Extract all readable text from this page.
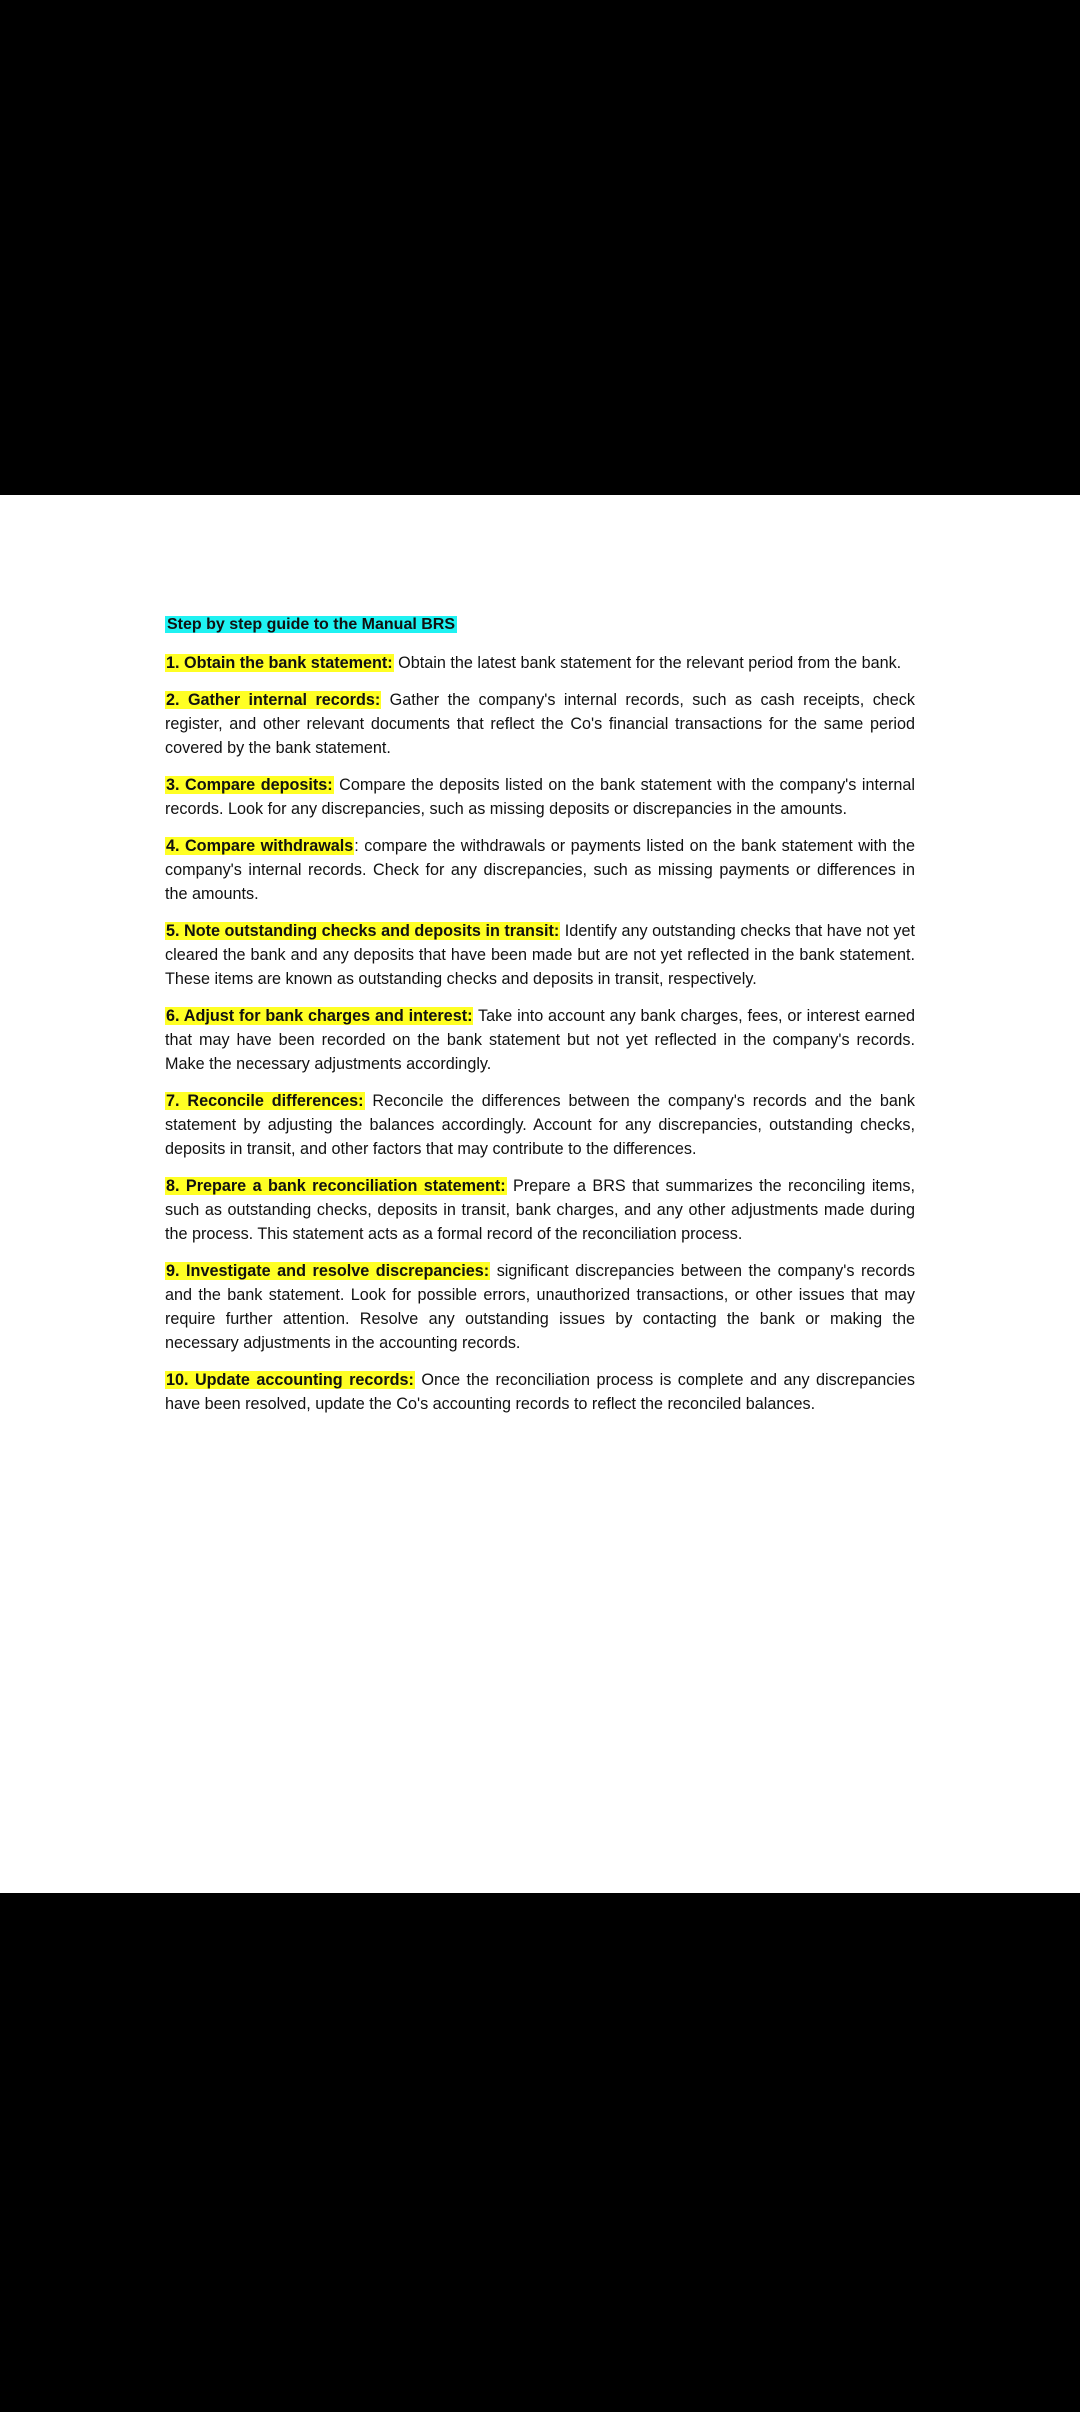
Step by step guide to the Manual BRS

1. Obtain the bank statement: Obtain the latest bank statement for the relevant period from the bank.

2. Gather internal records: Gather the company's internal records, such as cash receipts, check register, and other relevant documents that reflect the Co's financial transactions for the same period covered by the bank statement.

3. Compare deposits: Compare the deposits listed on the bank statement with the company's internal records. Look for any discrepancies, such as missing deposits or discrepancies in the amounts.

4. Compare withdrawals: compare the withdrawals or payments listed on the bank statement with the company's internal records. Check for any discrepancies, such as missing payments or differences in the amounts.

5. Note outstanding checks and deposits in transit: Identify any outstanding checks that have not yet cleared the bank and any deposits that have been made but are not yet reflected in the bank statement. These items are known as outstanding checks and deposits in transit, respectively.

6. Adjust for bank charges and interest: Take into account any bank charges, fees, or interest earned that may have been recorded on the bank statement but not yet reflected in the company's records. Make the necessary adjustments accordingly.

7. Reconcile differences: Reconcile the differences between the company's records and the bank statement by adjusting the balances accordingly. Account for any discrepancies, outstanding checks, deposits in transit, and other factors that may contribute to the differences.

8. Prepare a bank reconciliation statement: Prepare a BRS that summarizes the reconciling items, such as outstanding checks, deposits in transit, bank charges, and any other adjustments made during the process. This statement acts as a formal record of the reconciliation process.

9. Investigate and resolve discrepancies: significant discrepancies between the company's records and the bank statement. Look for possible errors, unauthorized transactions, or other issues that may require further attention. Resolve any outstanding issues by contacting the bank or making the necessary adjustments in the accounting records.

10. Update accounting records: Once the reconciliation process is complete and any discrepancies have been resolved, update the Co's accounting records to reflect the reconciled balances.
